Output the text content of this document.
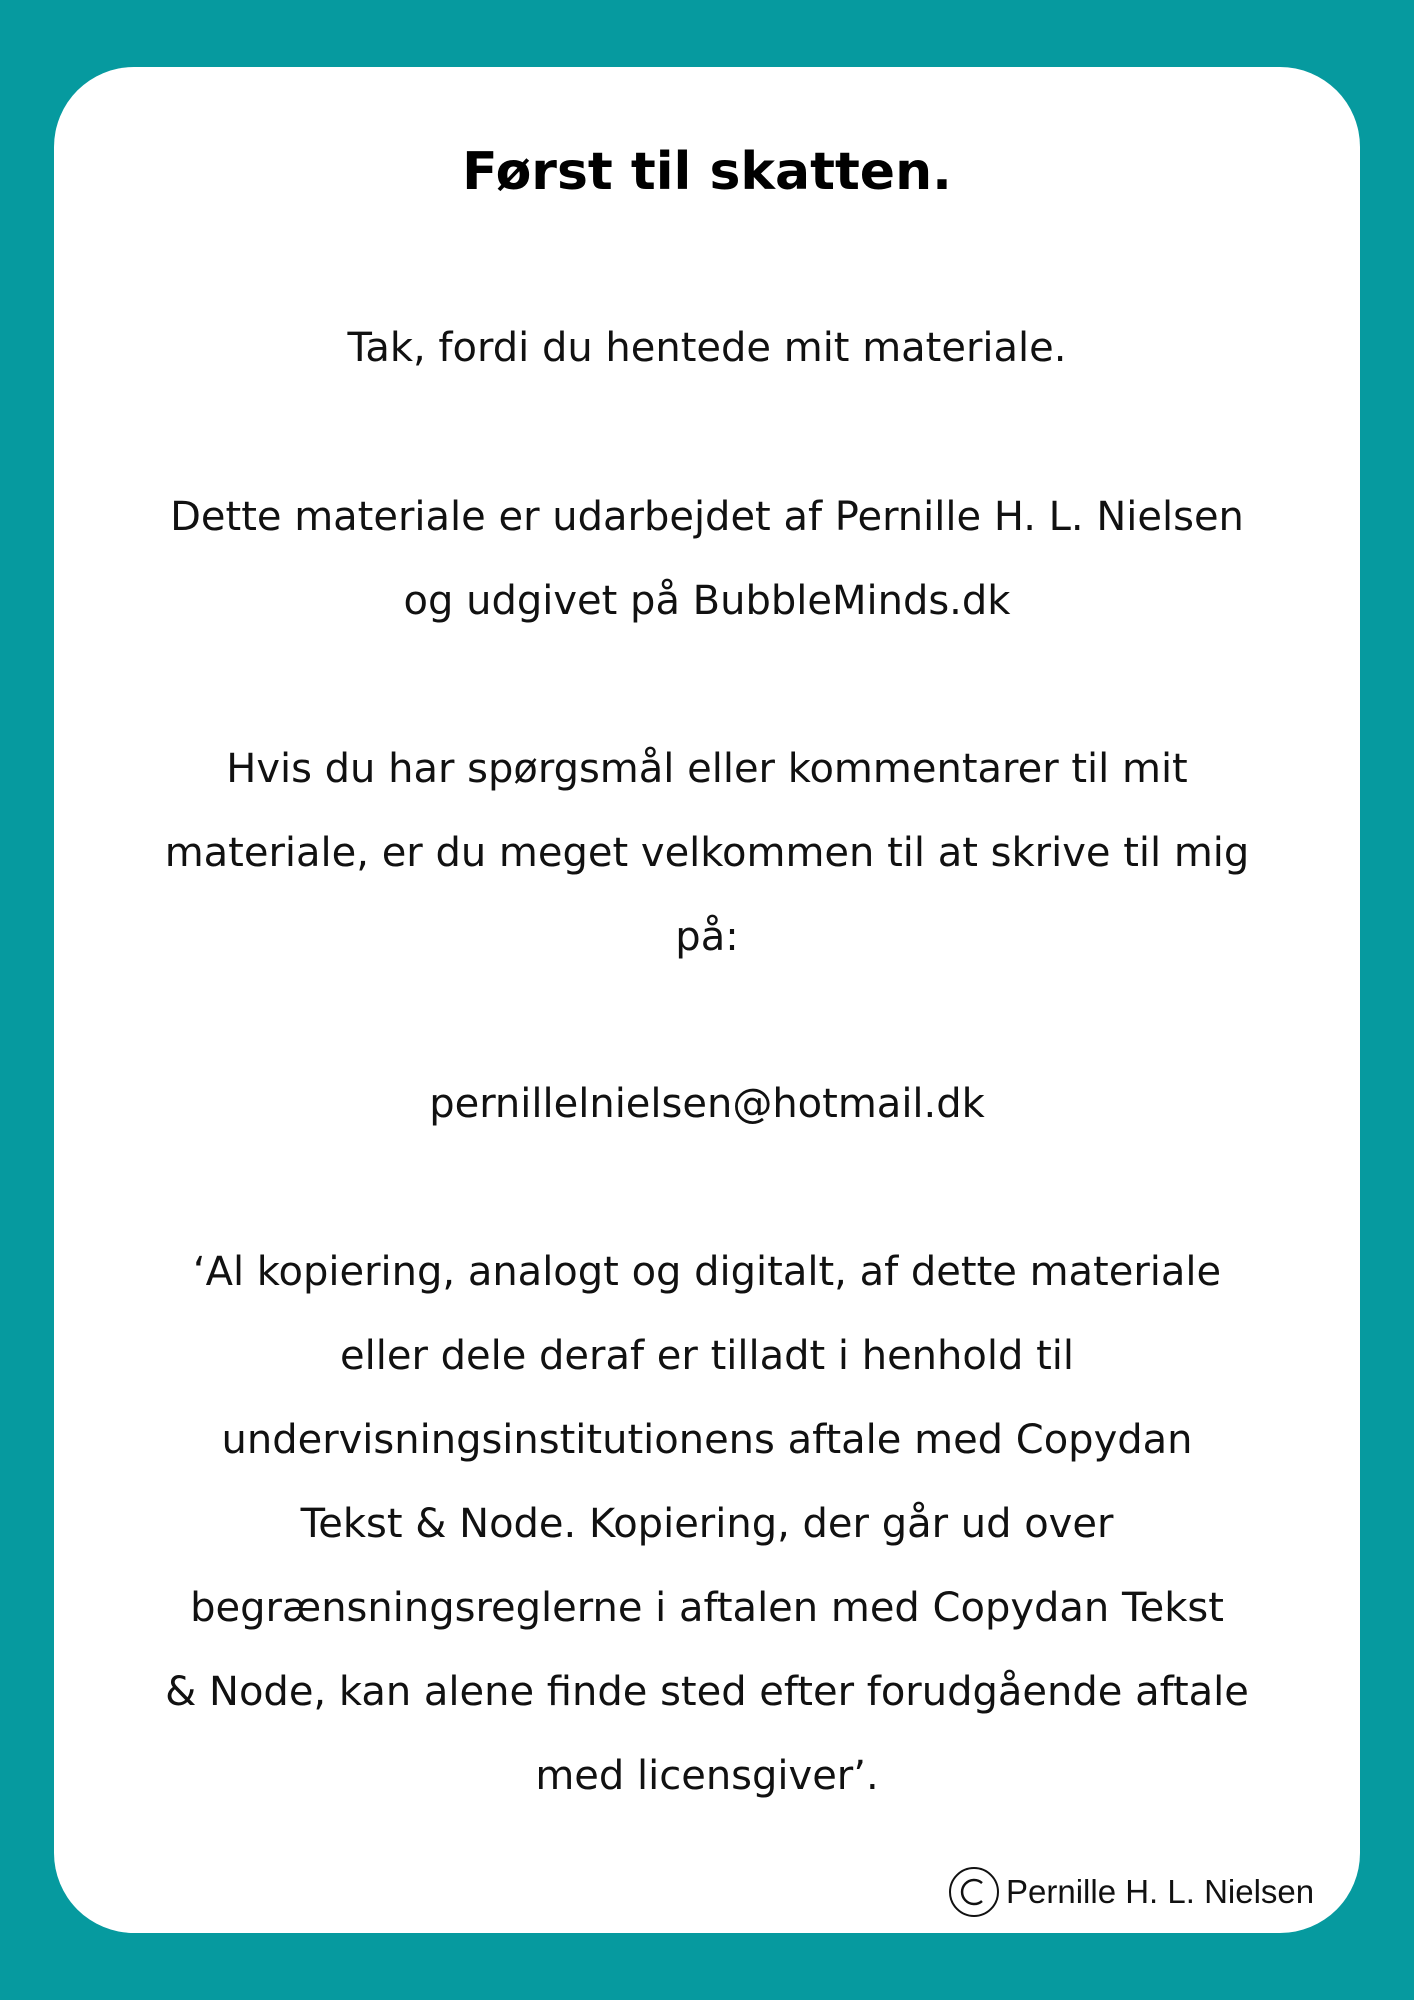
Først til skatten.
Tak, fordi du hentede mit materiale.
Dette materiale er udarbejdet af Pernille H. L. Nielsen
og udgivet på BubbleMinds.dk
Hvis du har spørgsmål eller kommentarer til mit
materiale, er du meget velkommen til at skrive til mig
på:
pernillelnielsen@hotmail.dk
‘Al kopiering, analogt og digitalt, af dette materiale
eller dele deraf er tilladt i henhold til
undervisningsinstitutionens aftale med Copydan
Tekst & Node. Kopiering, der går ud over
begrænsningsreglerne i aftalen med Copydan Tekst
& Node, kan alene finde sted efter forudgående aftale
med licensgiver’.
Pernille H. L. Nielsen
